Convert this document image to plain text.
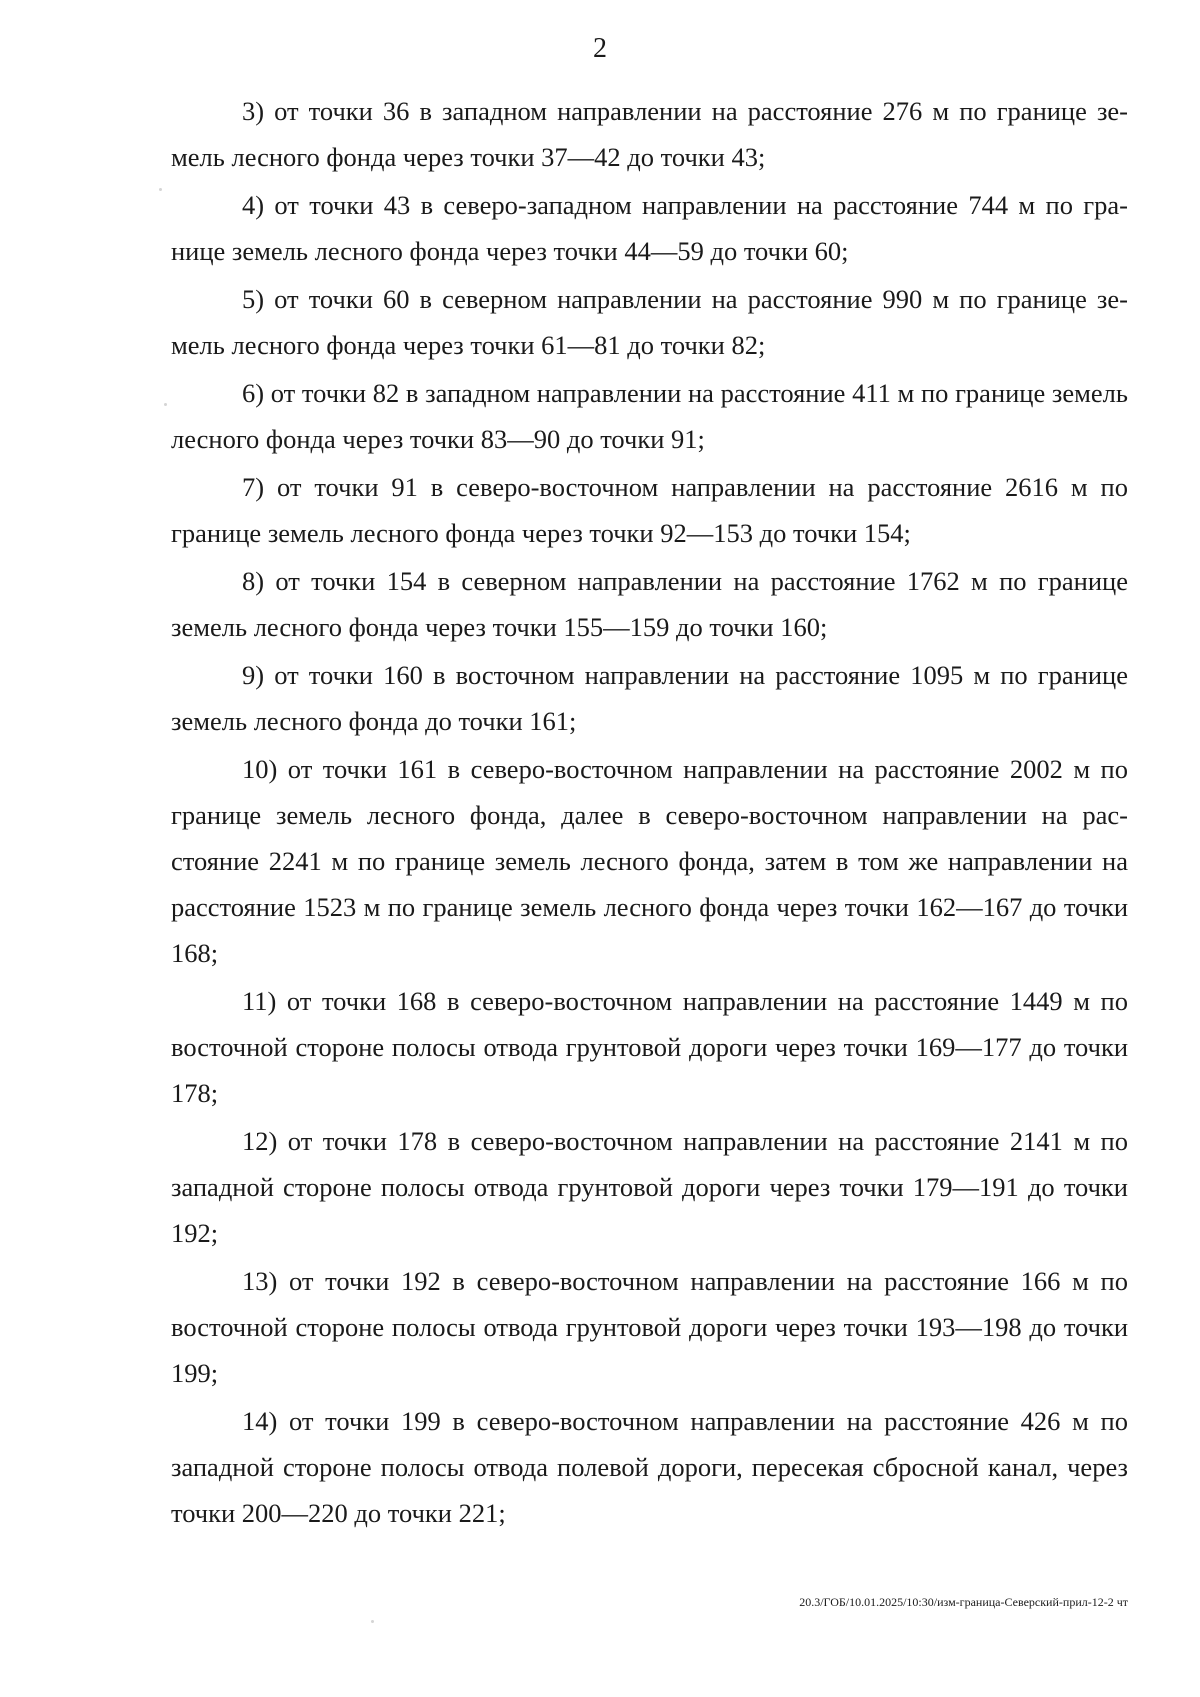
2

3) от точки 36 в западном направлении на расстояние 276 м по границе земель лесного фонда через точки 37—42 до точки 43;

4) от точки 43 в северо-западном направлении на расстояние 744 м по границе земель лесного фонда через точки 44—59 до точки 60;

5) от точки 60 в северном направлении на расстояние 990 м по границе земель лесного фонда через точки 61—81 до точки 82;

6) от точки 82 в западном направлении на расстояние 411 м по границе земель лесного фонда через точки 83—90 до точки 91;

7) от точки 91 в северо-восточном направлении на расстояние 2616 м по границе земель лесного фонда через точки 92—153 до точки 154;

8) от точки 154 в северном направлении на расстояние 1762 м по границе земель лесного фонда через точки 155—159 до точки 160;

9) от точки 160 в восточном направлении на расстояние 1095 м по границе земель лесного фонда до точки 161;

10) от точки 161 в северо-восточном направлении на расстояние 2002 м по границе земель лесного фонда, далее в северо-восточном направлении на расстояние 2241 м по границе земель лесного фонда, затем в том же направлении на расстояние 1523 м по границе земель лесного фонда через точки 162—167 до точки 168;

11) от точки 168 в северо-восточном направлении на расстояние 1449 м по восточной стороне полосы отвода грунтовой дороги через точки 169—177 до точки 178;

12) от точки 178 в северо-восточном направлении на расстояние 2141 м по западной стороне полосы отвода грунтовой дороги через точки 179—191 до точки 192;

13) от точки 192 в северо-восточном направлении на расстояние 166 м по восточной стороне полосы отвода грунтовой дороги через точки 193—198 до точки 199;

14) от точки 199 в северо-восточном направлении на расстояние 426 м по западной стороне полосы отвода полевой дороги, пересекая сбросной канал, через точки 200—220 до точки 221;

20.3/ГОБ/10.01.2025/10:30/изм-граница-Северский-прил-12-2 чт
